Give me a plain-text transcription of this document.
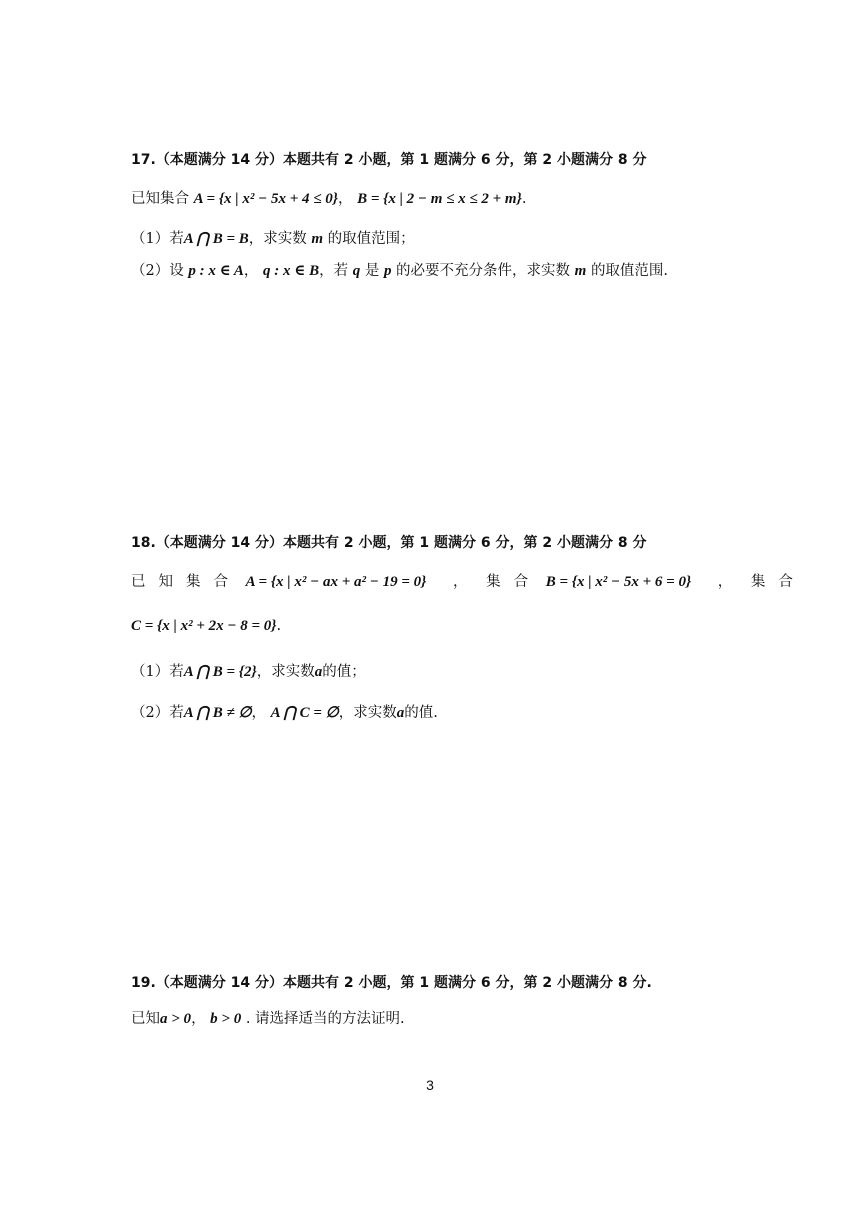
17.（本题满分 14 分）本题共有 2 小题，第 1 题满分 6 分，第 2 小题满分 8 分
已知集合 A = {x | x² − 5x + 4 ≤ 0}， B = {x | 2 − m ≤ x ≤ 2 + m}.
（1）若A ⋂ B = B，求实数 m 的取值范围；
（2）设 p : x ∈ A， q : x ∈ B，若 q 是 p 的必要不充分条件，求实数 m 的取值范围.
18.（本题满分 14 分）本题共有 2 小题，第 1 题满分 6 分，第 2 小题满分 8 分
已知集合 A = {x | x² − ax + a² − 19 = 0} ， 集合 B = {x | x² − 5x + 6 = 0} ， 集合
C = {x | x² + 2x − 8 = 0}.
（1）若A ⋂ B = {2}，求实数a的值；
（2）若A ⋂ B ≠ ∅， A ⋂ C = ∅，求实数a的值.
19.（本题满分 14 分）本题共有 2 小题，第 1 题满分 6 分，第 2 小题满分 8 分.
已知a > 0， b > 0 . 请选择适当的方法证明.
3
